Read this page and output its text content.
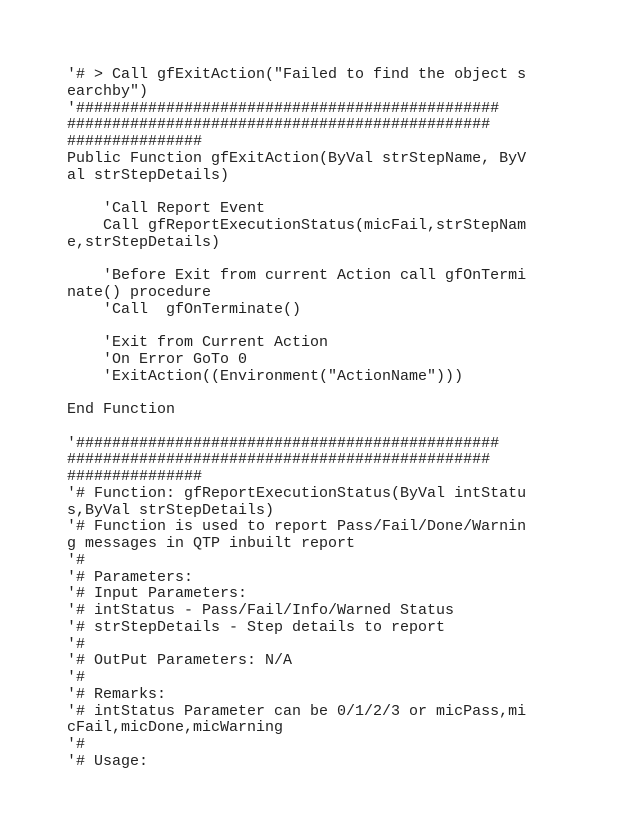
'# > Call gfExitAction("Failed to find the object s
earchby")
'###############################################
###############################################
###############
Public Function gfExitAction(ByVal strStepName, ByV
al strStepDetails)
'Call Report Event
Call gfReportExecutionStatus(micFail,strStepNam
e,strStepDetails)
'Before Exit from current Action call gfOnTermi
nate() procedure
'Call  gfOnTerminate()
'Exit from Current Action
'On Error GoTo 0
'ExitAction((Environment("ActionName")))
End Function
'###############################################
###############################################
###############
'# Function: gfReportExecutionStatus(ByVal intStatu
s,ByVal strStepDetails)
'# Function is used to report Pass/Fail/Done/Warnin
g messages in QTP inbuilt report
'#
'# Parameters:
'# Input Parameters:
'# intStatus - Pass/Fail/Info/Warned Status
'# strStepDetails - Step details to report
'#
'# OutPut Parameters: N/A
'#
'# Remarks:
'# intStatus Parameter can be 0/1/2/3 or micPass,mi
cFail,micDone,micWarning
'#
'# Usage:
